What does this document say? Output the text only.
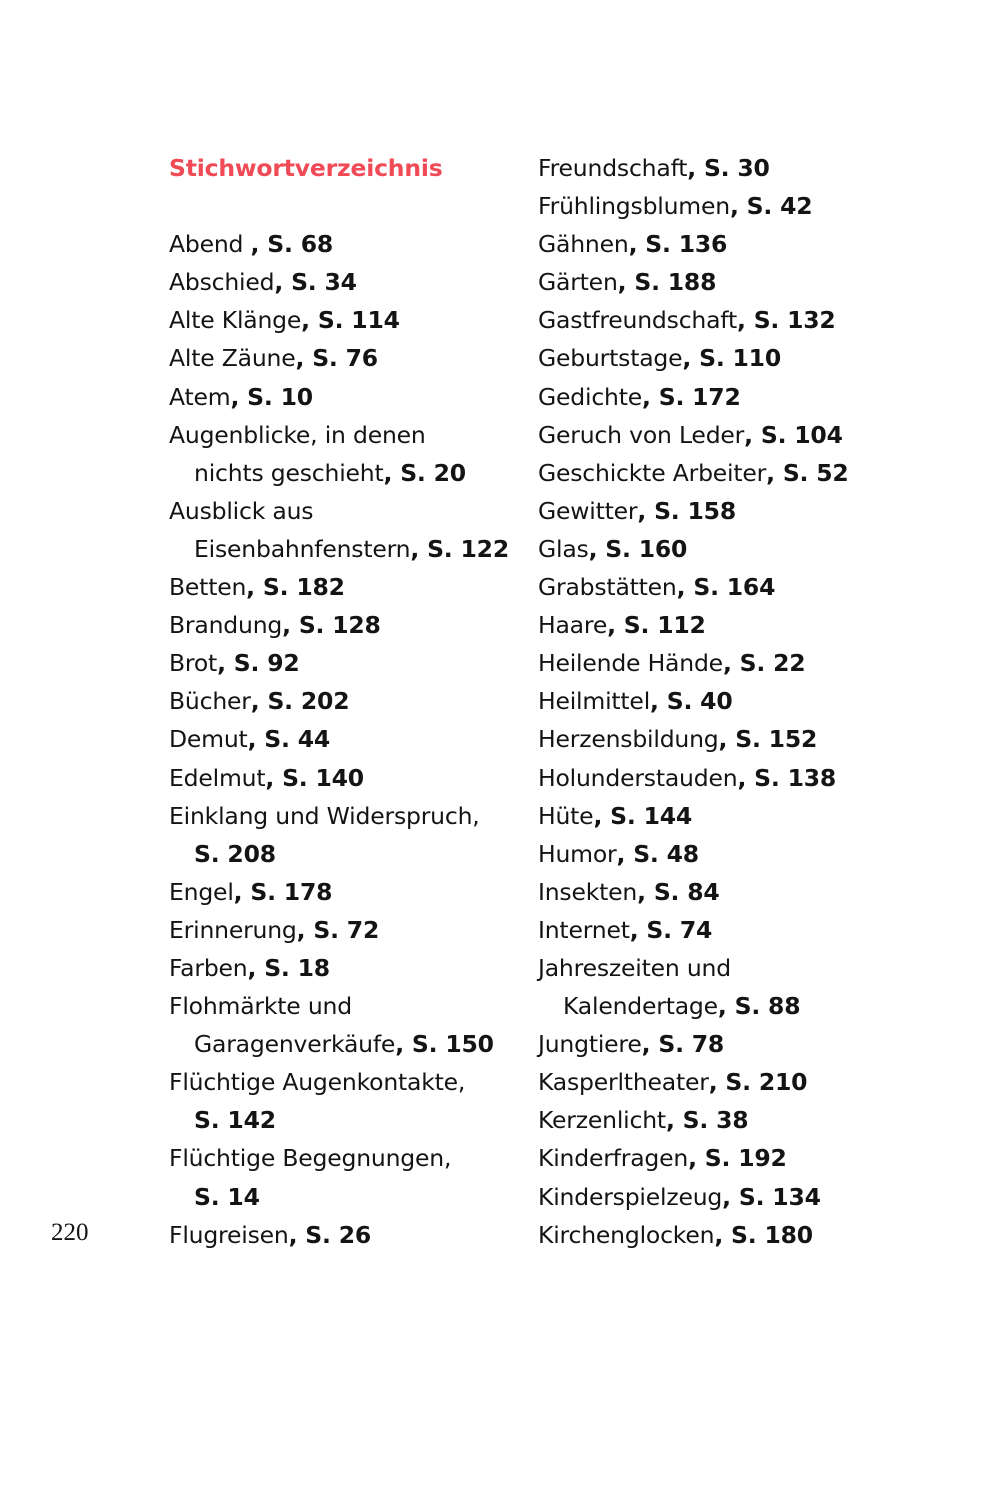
Stichwortverzeichnis
Abend , S. 68
Abschied, S. 34
Alte Klänge, S. 114
Alte Zäune, S. 76
Atem, S. 10
Augenblicke, in denen
nichts geschieht, S. 20
Ausblick aus
Eisenbahnfenstern, S. 122
Betten, S. 182
Brandung, S. 128
Brot, S. 92
Bücher, S. 202
Demut, S. 44
Edelmut, S. 140
Einklang und Widerspruch,
S. 208
Engel, S. 178
Erinnerung, S. 72
Farben, S. 18
Flohmärkte und
Garagenverkäufe, S. 150
Flüchtige Augenkontakte,
S. 142
Flüchtige Begegnungen,
S. 14
Flugreisen, S. 26
Freundschaft, S. 30
Frühlingsblumen, S. 42
Gähnen, S. 136
Gärten, S. 188
Gastfreundschaft, S. 132
Geburtstage, S. 110
Gedichte, S. 172
Geruch von Leder, S. 104
Geschickte Arbeiter, S. 52
Gewitter, S. 158
Glas, S. 160
Grabstätten, S. 164
Haare, S. 112
Heilende Hände, S. 22
Heilmittel, S. 40
Herzensbildung, S. 152
Holunderstauden, S. 138
Hüte, S. 144
Humor, S. 48
Insekten, S. 84
Internet, S. 74
Jahreszeiten und
Kalendertage, S. 88
Jungtiere, S. 78
Kasperltheater, S. 210
Kerzenlicht, S. 38
Kinderfragen, S. 192
Kinderspielzeug, S. 134
Kirchenglocken, S. 180
220
